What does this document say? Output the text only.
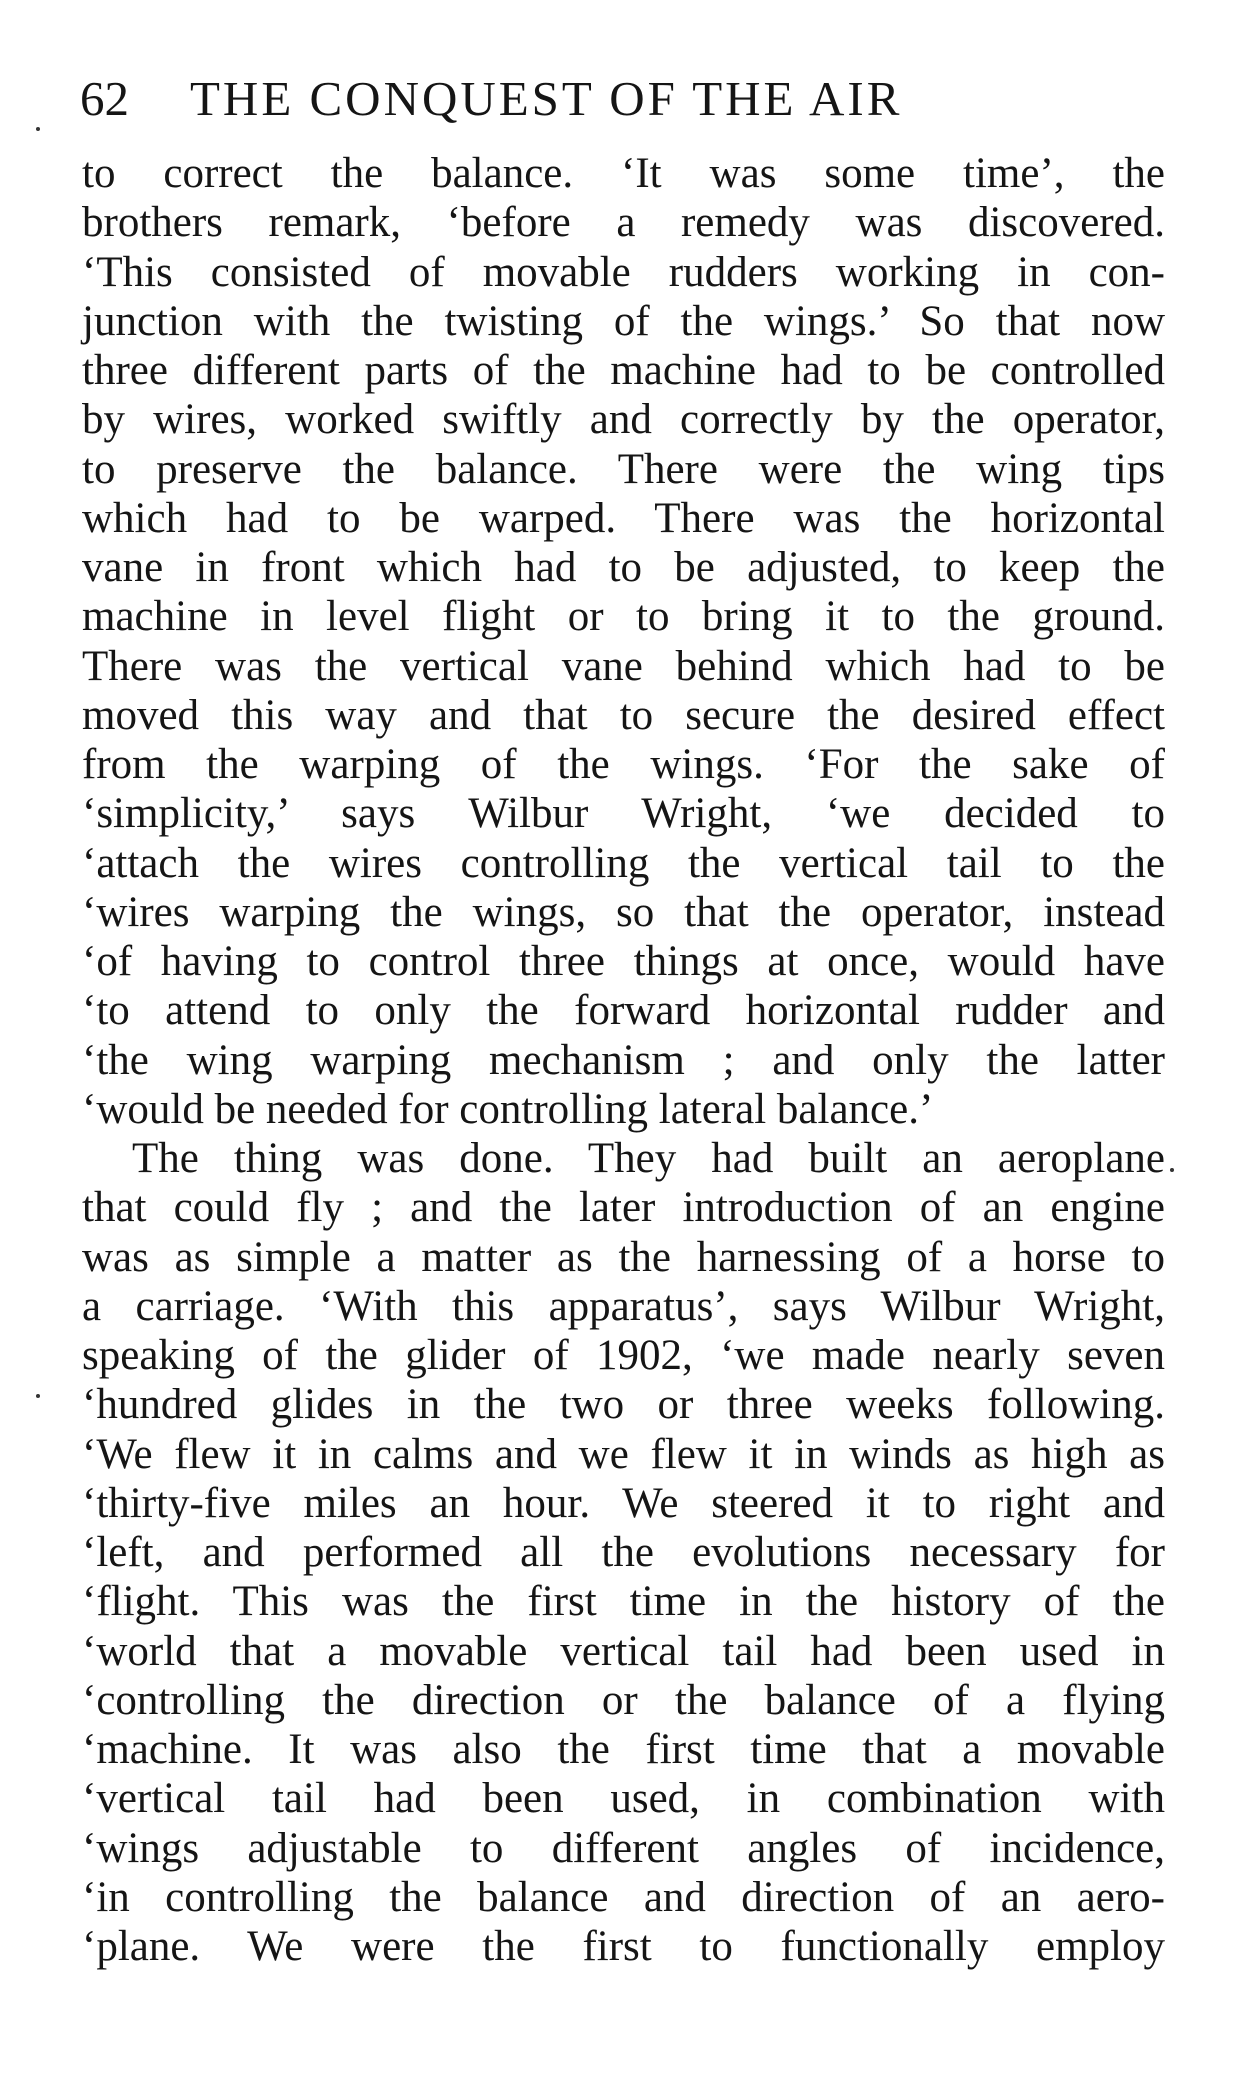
62 THE CONQUEST OF THE AIR
to correct the balance. ‘It was some time’, the
brothers remark, ‘before a remedy was discovered.
‘This consisted of movable rudders working in con-
junction with the twisting of the wings.’ So that now
three different parts of the machine had to be controlled
by wires, worked swiftly and correctly by the operator,
to preserve the balance. There were the wing tips
which had to be warped. There was the horizontal
vane in front which had to be adjusted, to keep the
machine in level flight or to bring it to the ground.
There was the vertical vane behind which had to be
moved this way and that to secure the desired effect
from the warping of the wings. ‘For the sake of
‘simplicity,’ says Wilbur Wright, ‘we decided to
‘attach the wires controlling the vertical tail to the
‘wires warping the wings, so that the operator, instead
‘of having to control three things at once, would have
‘to attend to only the forward horizontal rudder and
‘the wing warping mechanism ; and only the latter
‘would be needed for controlling lateral balance.’
The thing was done. They had built an aeroplane
that could fly ; and the later introduction of an engine
was as simple a matter as the harnessing of a horse to
a carriage. ‘With this apparatus’, says Wilbur Wright,
speaking of the glider of 1902, ‘we made nearly seven
‘hundred glides in the two or three weeks following.
‘We flew it in calms and we flew it in winds as high as
‘thirty-five miles an hour. We steered it to right and
‘left, and performed all the evolutions necessary for
‘flight. This was the first time in the history of the
‘world that a movable vertical tail had been used in
‘controlling the direction or the balance of a flying
‘machine. It was also the first time that a movable
‘vertical tail had been used, in combination with
‘wings adjustable to different angles of incidence,
‘in controlling the balance and direction of an aero-
‘plane. We were the first to functionally employ
